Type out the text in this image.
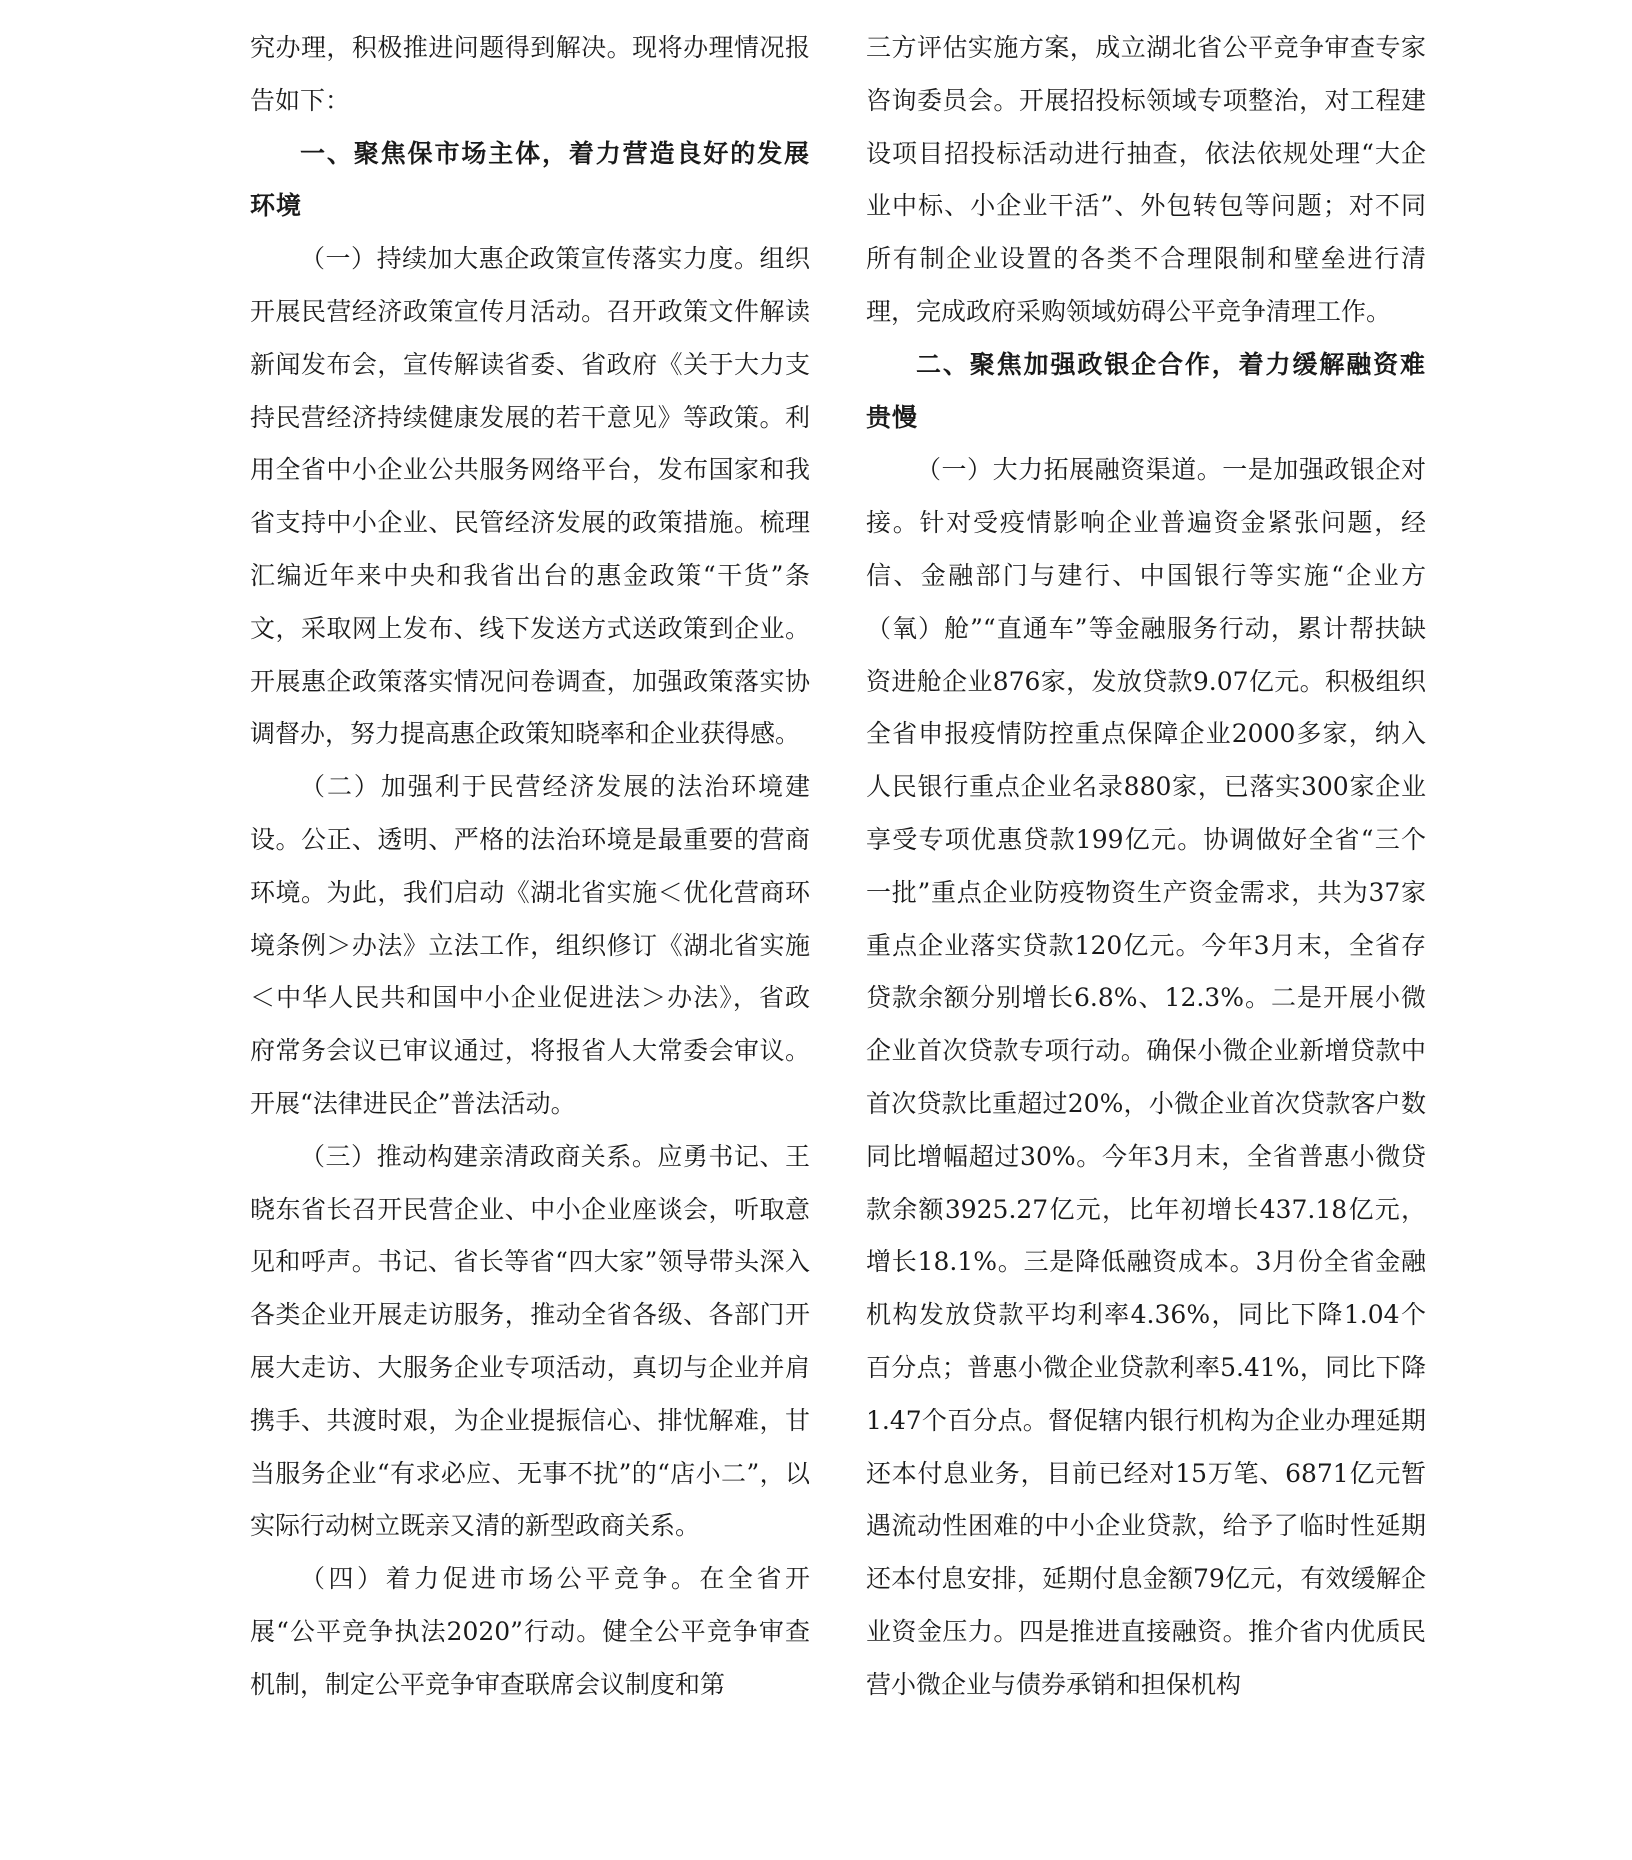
究办理，积极推进问题得到解决。现将办理情况报告如下：

一、聚焦保市场主体，着力营造良好的发展环境

（一）持续加大惠企政策宣传落实力度。组织开展民营经济政策宣传月活动。召开政策文件解读新闻发布会，宣传解读省委、省政府《关于大力支持民营经济持续健康发展的若干意见》等政策。利用全省中小企业公共服务网络平台，发布国家和我省支持中小企业、民管经济发展的政策措施。梳理汇编近年来中央和我省出台的惠金政策“干货”条文，采取网上发布、线下发送方式送政策到企业。开展惠企政策落实情况问卷调查，加强政策落实协调督办，努力提高惠企政策知晓率和企业获得感。

（二）加强利于民营经济发展的法治环境建设。公正、透明、严格的法治环境是最重要的营商环境。为此，我们启动《湖北省实施＜优化营商环境条例＞办法》立法工作，组织修订《湖北省实施＜中华人民共和国中小企业促进法＞办法》，省政府常务会议已审议通过，将报省人大常委会审议。开展“法律进民企”普法活动。

（三）推动构建亲清政商关系。应勇书记、王晓东省长召开民营企业、中小企业座谈会，听取意见和呼声。书记、省长等省“四大家”领导带头深入各类企业开展走访服务，推动全省各级、各部门开展大走访、大服务企业专项活动，真切与企业并肩携手、共渡时艰，为企业提振信心、排忧解难，甘当服务企业“有求必应、无事不扰”的“店小二”，以实际行动树立既亲又清的新型政商关系。

（四）着力促进市场公平竞争。在全省开展“公平竞争执法2020”行动。健全公平竞争审查机制，制定公平竞争审查联席会议制度和第

三方评估实施方案，成立湖北省公平竞争审查专家咨询委员会。开展招投标领域专项整治，对工程建设项目招投标活动进行抽查，依法依规处理“大企业中标、小企业干活”、外包转包等问题；对不同所有制企业设置的各类不合理限制和壁垒进行清理，完成政府采购领域妨碍公平竞争清理工作。

二、聚焦加强政银企合作，着力缓解融资难贵慢

（一）大力拓展融资渠道。一是加强政银企对接。针对受疫情影响企业普遍资金紧张问题，经信、金融部门与建行、中国银行等实施“企业方（氧）舱”“直通车”等金融服务行动，累计帮扶缺资进舱企业876家，发放贷款9.07亿元。积极组织全省申报疫情防控重点保障企业2000多家，纳入人民银行重点企业名录880家，已落实300家企业享受专项优惠贷款199亿元。协调做好全省“三个一批”重点企业防疫物资生产资金需求，共为37家重点企业落实贷款120亿元。今年3月末，全省存贷款余额分别增长6.8%、12.3%。二是开展小微企业首次贷款专项行动。确保小微企业新增贷款中首次贷款比重超过20%，小微企业首次贷款客户数同比增幅超过30%。今年3月末，全省普惠小微贷款余额3925.27亿元，比年初增长437.18亿元，增长18.1%。三是降低融资成本。3月份全省金融机构发放贷款平均利率4.36%，同比下降1.04个百分点；普惠小微企业贷款利率5.41%，同比下降1.47个百分点。督促辖内银行机构为企业办理延期还本付息业务，目前已经对15万笔、6871亿元暂遇流动性困难的中小企业贷款，给予了临时性延期还本付息安排，延期付息金额79亿元，有效缓解企业资金压力。四是推进直接融资。推介省内优质民营小微企业与债券承销和担保机构
